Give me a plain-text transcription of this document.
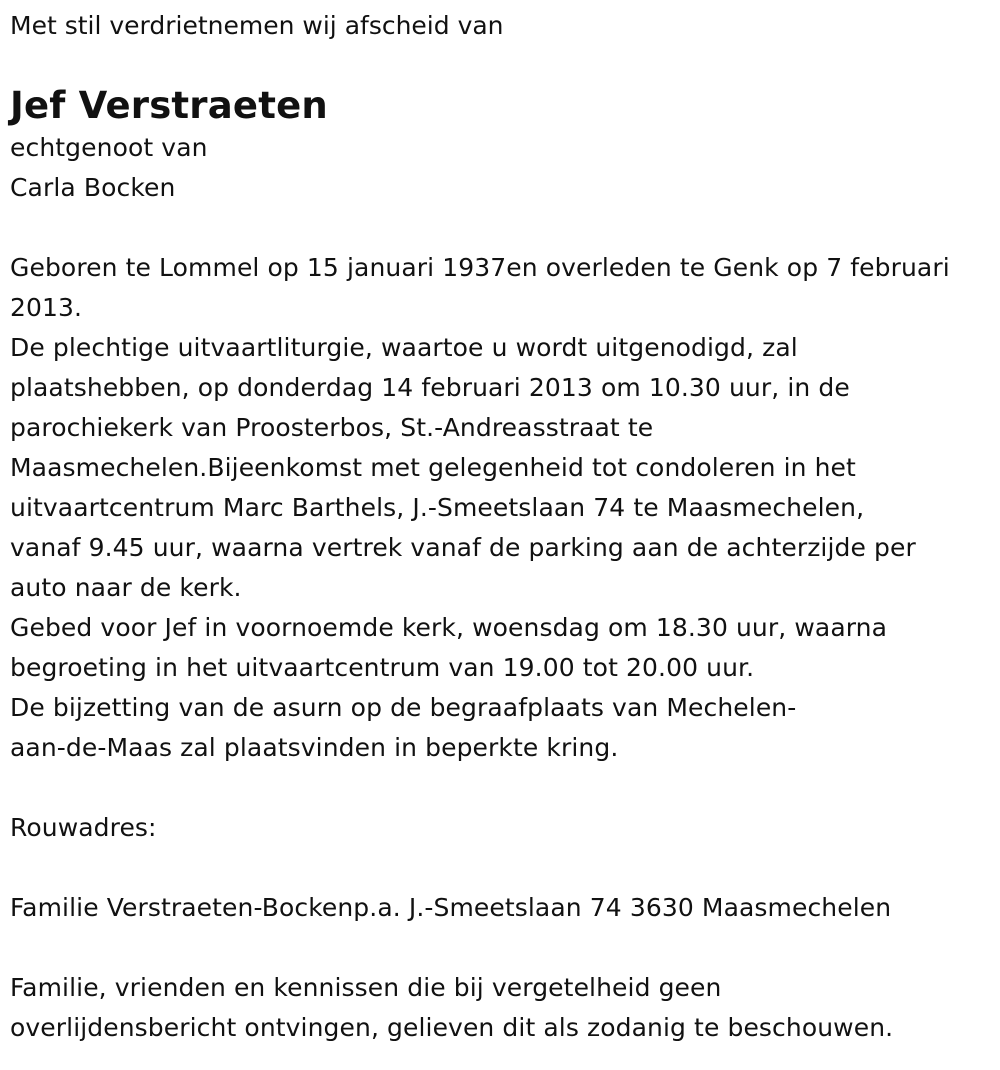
Met stil verdrietnemen wij afscheid van
Jef Verstraeten
echtgenoot van
Carla Bocken
Geboren te Lommel op 15 januari 1937en overleden te Genk op 7 februari
2013.
De plechtige uitvaartliturgie, waartoe u wordt uitgenodigd, zal
plaatshebben, op donderdag 14 februari 2013 om 10.30 uur, in de
parochiekerk van Proosterbos, St.-Andreasstraat te
Maasmechelen.Bijeenkomst met gelegenheid tot condoleren in het
uitvaartcentrum Marc Barthels, J.-Smeetslaan 74 te Maasmechelen,
vanaf 9.45 uur, waarna vertrek vanaf de parking aan de achterzijde per
auto naar de kerk.
Gebed voor Jef in voornoemde kerk, woensdag om 18.30 uur, waarna
begroeting in het uitvaartcentrum van 19.00 tot 20.00 uur.
De bijzetting van de asurn op de begraafplaats van Mechelen-
aan-de-Maas zal plaatsvinden in beperkte kring.
Rouwadres:
Familie Verstraeten-Bockenp.a. J.-Smeetslaan 74 3630 Maasmechelen
Familie, vrienden en kennissen die bij vergetelheid geen
overlijdensbericht ontvingen, gelieven dit als zodanig te beschouwen.
